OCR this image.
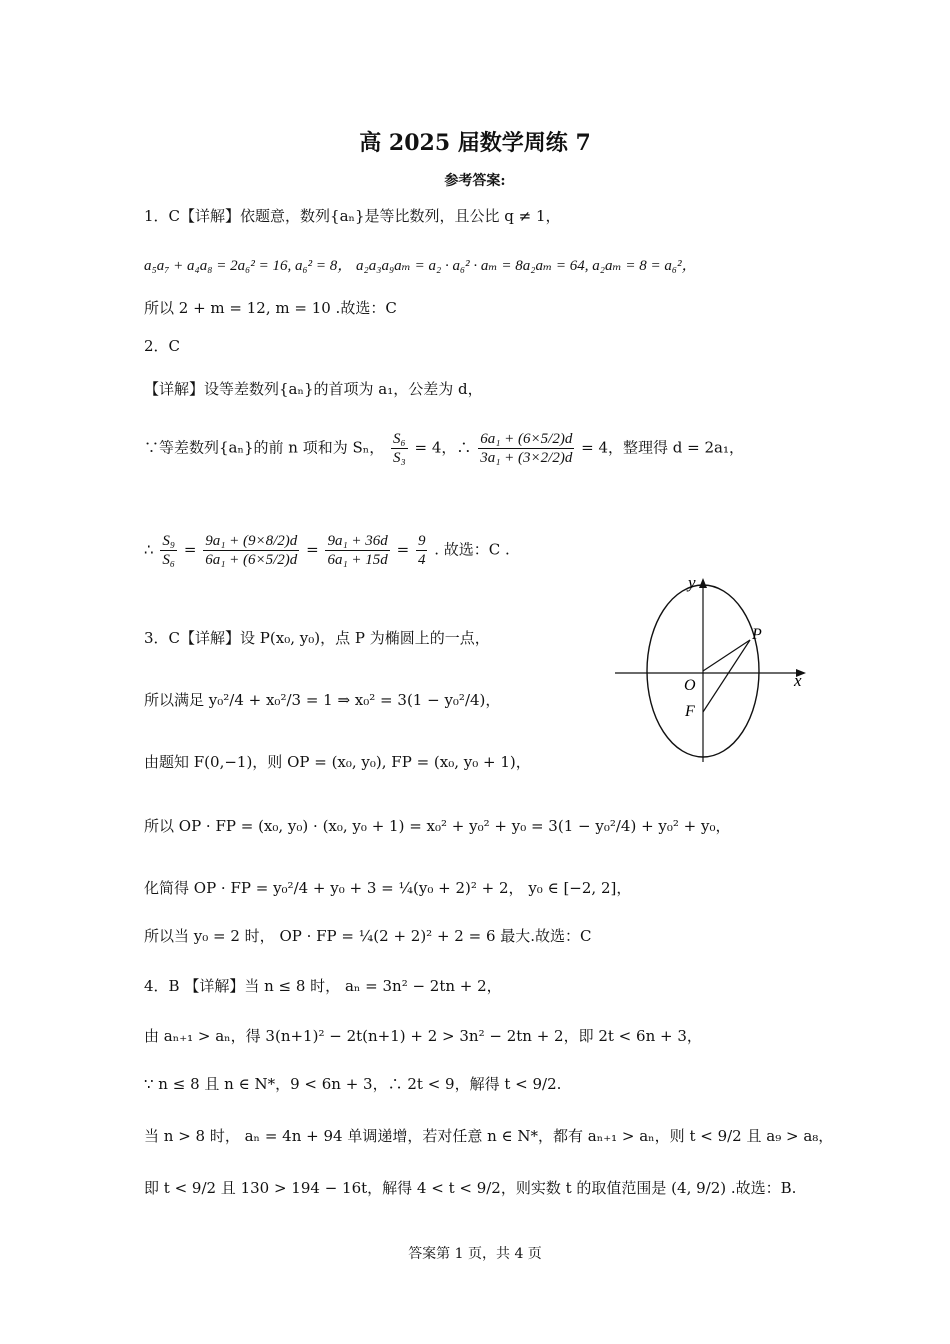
高 2025 届数学周练 7
参考答案:
1．C【详解】依题意，数列{aₙ}是等比数列，且公比 q ≠ 1，
a₅a₇ + a₄a₈ = 2a₆² = 16, a₆² = 8， a₂a₃a₉aₘ = a₂ · a₆² · aₘ = 8a₂aₘ = 64, a₂aₘ = 8 = a₆²，
所以 2 + m = 12, m = 10 .故选：C
2．C
【详解】设等差数列{aₙ}的首项为 a₁，公差为 d，
∵等差数列{aₙ}的前 n 项和为 Sₙ， $\frac{\text{S₆}}{\text{S₃}} = 4$，∴ $\frac{\text{6a₁ + (6×5/2)d}}{\text{3a₁ + (3×2/2)d}} = 4$，整理得 d = 2a₁，
∴ $\frac{\text{S₉}}{\text{S₆}} = \frac{\text{9a₁ + (9×8/2)d}}{\text{6a₁ + (6×5/2)d}} = \frac{\text{9a₁ + 36d}}{\text{6a₁ + 15d}} = \frac{9}{4}$ . 故选：C .
3．C【详解】设 P(x₀, y₀)，点 P 为椭圆上的一点，
所以满足 y₀²/4 + x₀²/3 = 1 ⇒ x₀² = 3(1 − y₀²/4)，
由题知 F(0,−1)，则 OP = (x₀, y₀), FP = (x₀, y₀ + 1)，
所以 OP · FP = (x₀, y₀) · (x₀, y₀ + 1) = x₀² + y₀² + y₀ = 3(1 − y₀²/4) + y₀² + y₀，
化简得 OP · FP = y₀²/4 + y₀ + 3 = ¼(y₀ + 2)² + 2， y₀ ∈ [−2, 2]，
所以当 y₀ = 2 时， OP · FP = ¼(2 + 2)² + 2 = 6 最大.故选：C
y
x
O
P
F
4．B 【详解】当 n ≤ 8 时， aₙ = 3n² − 2tn + 2，
由 aₙ₊₁ > aₙ，得 3(n+1)² − 2t(n+1) + 2 > 3n² − 2tn + 2，即 2t < 6n + 3，
∵ n ≤ 8 且 n ∈ N*，9 < 6n + 3，∴ 2t < 9，解得 t < 9/2.
当 n > 8 时， aₙ = 4n + 94 单调递增，若对任意 n ∈ N*，都有 aₙ₊₁ > aₙ，则 t < 9/2 且 a₉ > a₈，
即 t < 9/2 且 130 > 194 − 16t，解得 4 < t < 9/2，则实数 t 的取值范围是 (4, 9/2) .故选：B.
答案第 1 页，共 4 页
